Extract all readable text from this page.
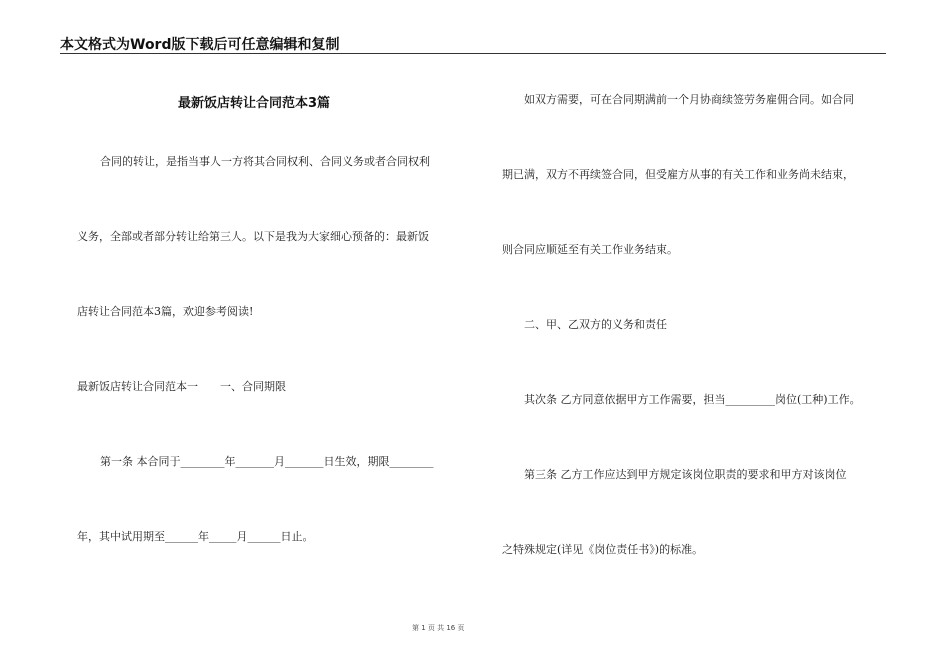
本文格式为Word版下载后可任意编辑和复制
最新饭店转让合同范本3篇
合同的转让，是指当事人一方将其合同权利、合同义务或者合同权利
义务，全部或者部分转让给第三人。以下是我为大家细心预备的：最新饭
店转让合同范本3篇，欢迎参考阅读!
最新饭店转让合同范本一　　一、合同期限
第一条 本合同于________年_______月_______日生效，期限________
年，其中试用期至______年_____月______日止。
如双方需要，可在合同期满前一个月协商续签劳务雇佣合同。如合同
期已满，双方不再续签合同，但受雇方从事的有关工作和业务尚未结束，
则合同应顺延至有关工作业务结束。
二、甲、乙双方的义务和责任
其次条 乙方同意依据甲方工作需要，担当_________岗位(工种)工作。
第三条 乙方工作应达到甲方规定该岗位职责的要求和甲方对该岗位
之特殊规定(详见《岗位责任书》)的标准。
第 1 页 共 16 页
